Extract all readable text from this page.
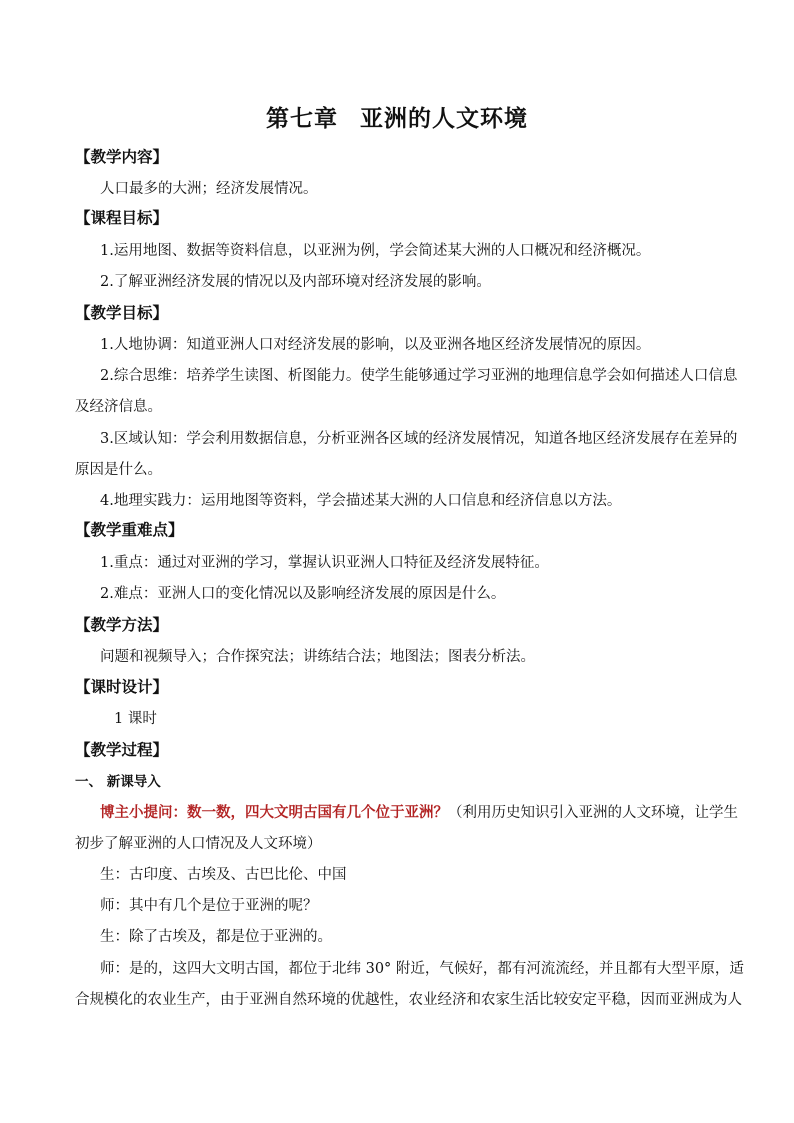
第七章 亚洲的人文环境
【教学内容】
人口最多的大洲；经济发展情况。
【课程目标】
1.运用地图、数据等资料信息，以亚洲为例，学会简述某大洲的人口概况和经济概况。
2.了解亚洲经济发展的情况以及内部环境对经济发展的影响。
【教学目标】
1.人地协调：知道亚洲人口对经济发展的影响，以及亚洲各地区经济发展情况的原因。
2.综合思维：培养学生读图、析图能力。使学生能够通过学习亚洲的地理信息学会如何描述人口信息
及经济信息。
3.区域认知：学会利用数据信息，分析亚洲各区域的经济发展情况，知道各地区经济发展存在差异的
原因是什么。
4.地理实践力：运用地图等资料，学会描述某大洲的人口信息和经济信息以方法。
【教学重难点】
1.重点：通过对亚洲的学习，掌握认识亚洲人口特征及经济发展特征。
2.难点：亚洲人口的变化情况以及影响经济发展的原因是什么。
【教学方法】
问题和视频导入；合作探究法；讲练结合法；地图法；图表分析法。
【课时设计】
1 课时
【教学过程】
一、 新课导入
博主小提问：数一数，四大文明古国有几个位于亚洲？（利用历史知识引入亚洲的人文环境，让学生
初步了解亚洲的人口情况及人文环境）
生：古印度、古埃及、古巴比伦、中国
师：其中有几个是位于亚洲的呢？
生：除了古埃及，都是位于亚洲的。
师：是的，这四大文明古国，都位于北纬 30° 附近，气候好，都有河流流经，并且都有大型平原，适
合规模化的农业生产，由于亚洲自然环境的优越性，农业经济和农家生活比较安定平稳，因而亚洲成为人
